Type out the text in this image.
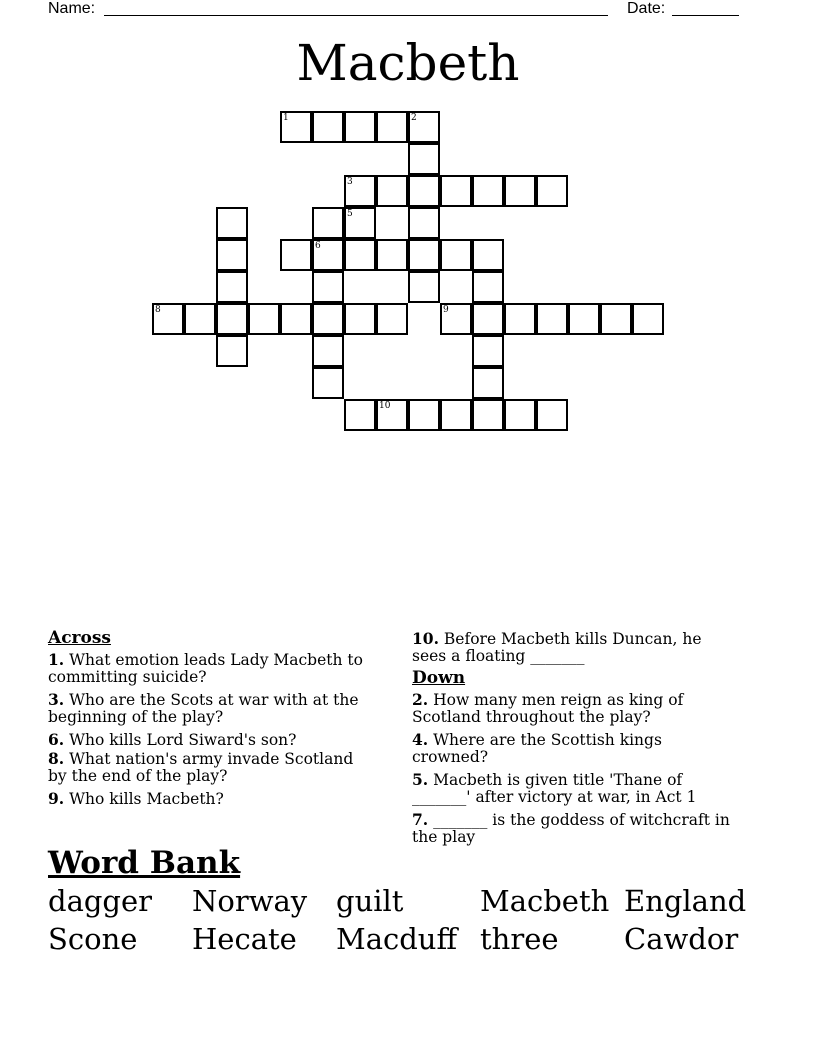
Name:	Date:
Macbeth
1	2
3
5
6
8	9
10
Across
1. What emotion leads Lady Macbeth to committing suicide?
3. Who are the Scots at war with at the beginning of the play?
6. Who kills Lord Siward's son?
8. What nation's army invade Scotland by the end of the play?
9. Who kills Macbeth?
10. Before Macbeth kills Duncan, he sees a floating _______
Down
2. How many men reign as king of Scotland throughout the play?
4. Where are the Scottish kings crowned?
5. Macbeth is given title 'Thane of _______' after victory at war, in Act 1
7. _______ is the goddess of witchcraft in the play
Word Bank
dagger	Norway guilt	Macbeth England
Scone	Hecate	Macduff three	Cawdor
